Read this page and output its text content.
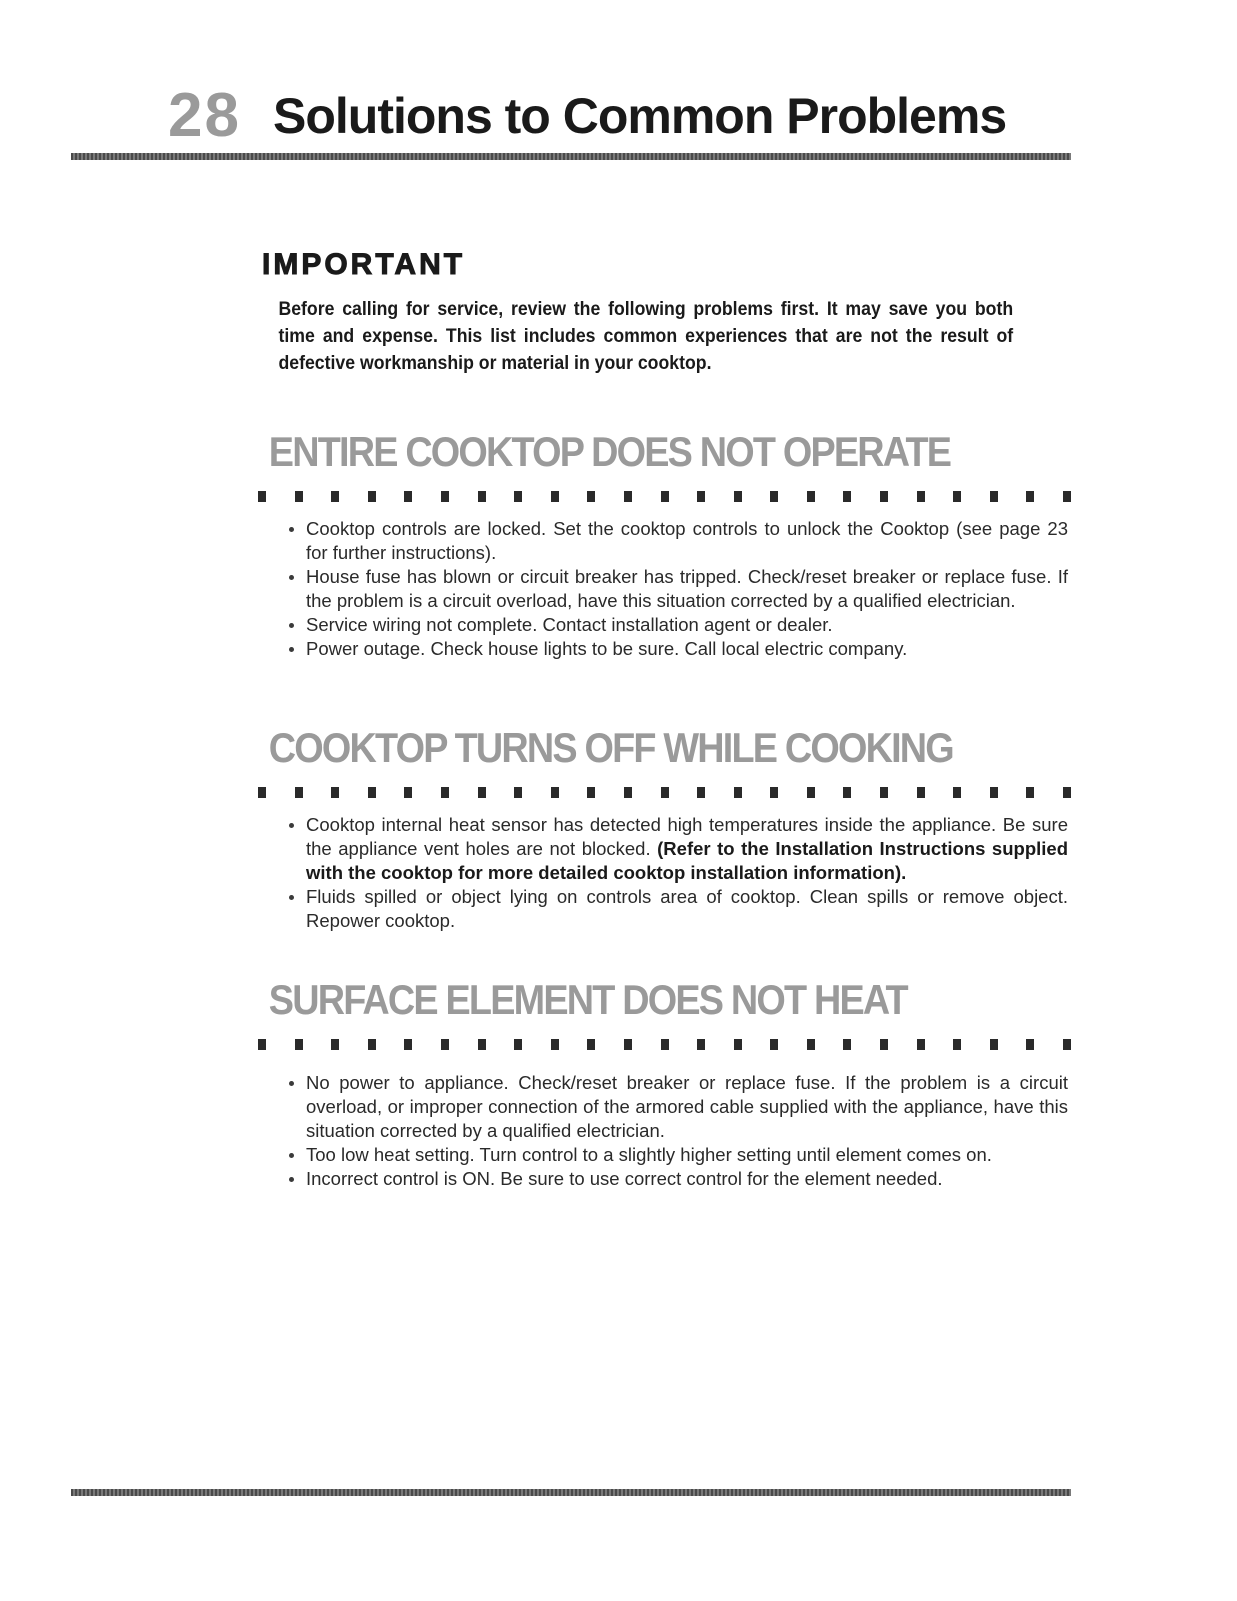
28 Solutions to Common Problems
IMPORTANT

Before calling for service, review the following problems first. It may save you both time and expense. This list includes common experiences that are not the result of defective workmanship or material in your cooktop.

ENTIRE COOKTOP DOES NOT OPERATE
Cooktop controls are locked. Set the cooktop controls to unlock the Cooktop (see page 23 for further instructions).
House fuse has blown or circuit breaker has tripped. Check/reset breaker or replace fuse. If the problem is a circuit overload, have this situation corrected by a qualified electrician.
Service wiring not complete. Contact installation agent or dealer.
Power outage. Check house lights to be sure. Call local electric company.
COOKTOP TURNS OFF WHILE COOKING
Cooktop internal heat sensor has detected high temperatures inside the appliance. Be sure the appliance vent holes are not blocked. (Refer to the Installation Instructions supplied with the cooktop for more detailed cooktop installation information).
Fluids spilled or object lying on controls area of cooktop. Clean spills or remove object. Repower cooktop.
SURFACE ELEMENT DOES NOT HEAT
No power to appliance. Check/reset breaker or replace fuse. If the problem is a circuit overload, or improper connection of the armored cable supplied with the appliance, have this situation corrected by a qualified electrician.
Too low heat setting. Turn control to a slightly higher setting until element comes on.
Incorrect control is ON. Be sure to use correct control for the element needed.
